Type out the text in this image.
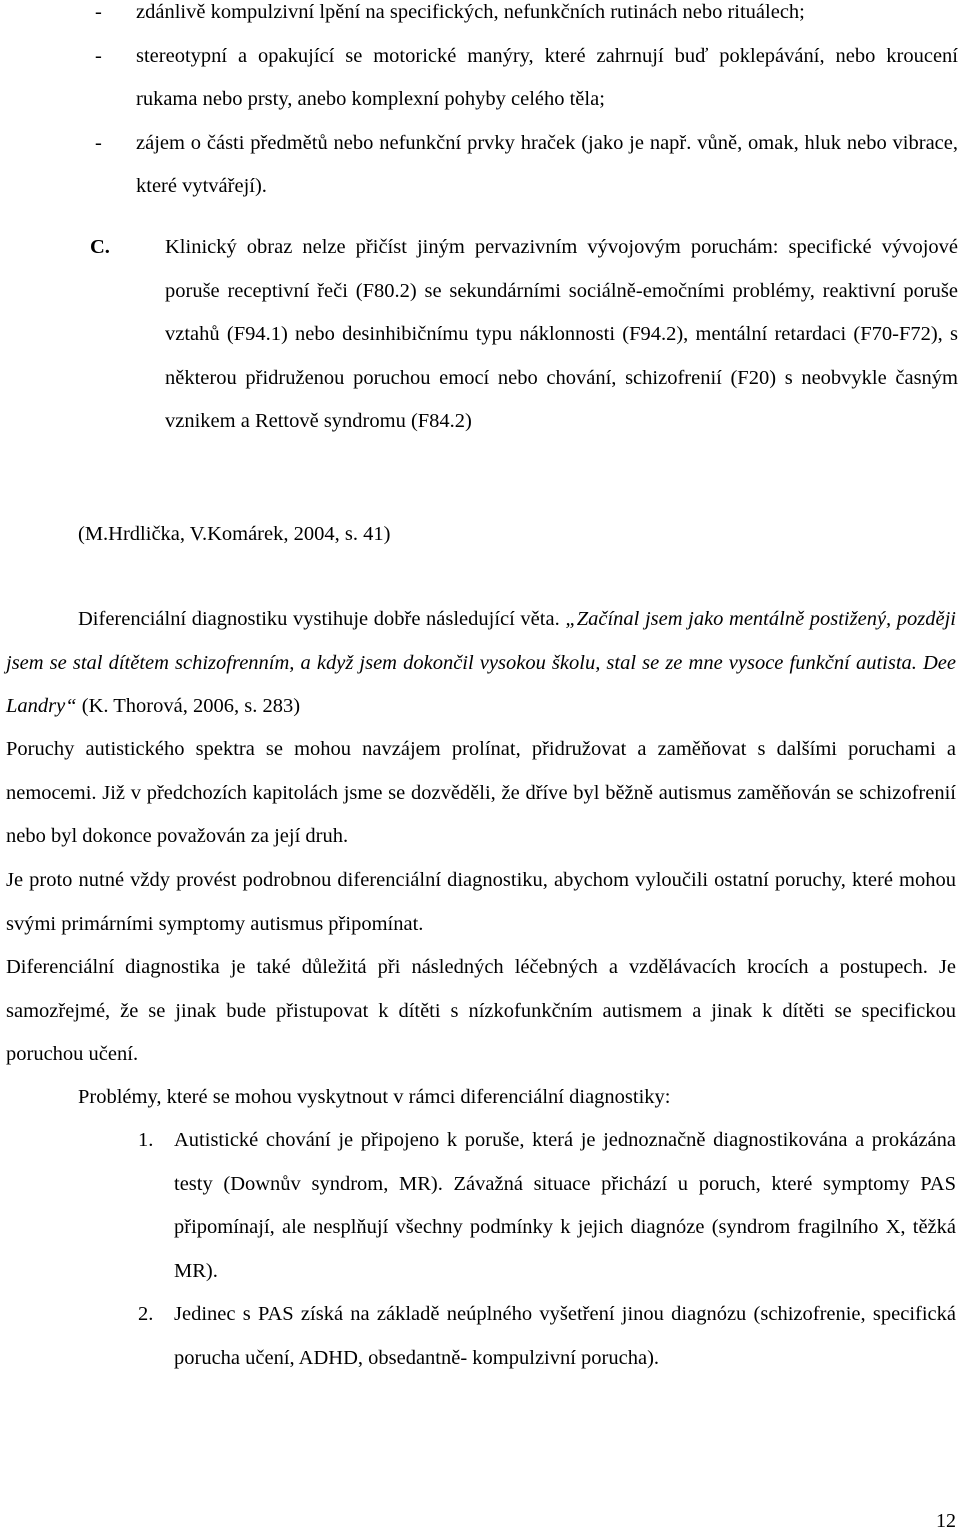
- zdánlivě kompulzivní lpění na specifických, nefunkčních rutinách nebo rituálech;

- stereotypní a opakující se motorické manýry, které zahrnují buď poklepávání, nebo kroucení rukama nebo prsty, anebo komplexní pohyby celého těla;

- zájem o části předmětů nebo nefunkční prvky hraček (jako je např. vůně, omak, hluk nebo vibrace, které vytvářejí).

C.	Klinický obraz nelze přičíst jiným pervazivním vývojovým poruchám: specifické vývojové poruše receptivní řeči (F80.2) se sekundárními sociálně-emočními problémy, reaktivní poruše vztahů (F94.1) nebo desinhibičnímu typu náklonnosti (F94.2), mentální retardaci (F70-F72), s některou přidruženou poruchou emocí nebo chování, schizofrenií (F20) s neobvykle časným vznikem a Rettově syndromu (F84.2)

(M.Hrdlička, V.Komárek, 2004, s. 41)

Diferenciální diagnostiku vystihuje dobře následující věta. „Začínal jsem jako mentálně postižený, později jsem se stal dítětem schizofrenním, a když jsem dokončil vysokou školu, stal se ze mne vysoce funkční autista. Dee Landry“ (K. Thorová, 2006, s. 283)

Poruchy autistického spektra se mohou navzájem prolínat, přidružovat a zaměňovat s dalšími poruchami a nemocemi. Již v předchozích kapitolách jsme se dozvěděli, že dříve byl běžně autismus zaměňován se schizofrenií nebo byl dokonce považován za její druh.
Je proto nutné vždy provést podrobnou diferenciální diagnostiku, abychom vyloučili ostatní poruchy, které mohou svými primárními symptomy autismus připomínat.
Diferenciální diagnostika je také důležitá při následných léčebných a vzdělávacích krocích a postupech. Je samozřejmé, že se jinak bude přistupovat k dítěti s nízkofunkčním autismem a jinak k dítěti se specifickou poruchou učení.

Problémy, které se mohou vyskytnout v rámci diferenciální diagnostiky:

1. Autistické chování je připojeno k poruše, která je jednoznačně diagnostikována a prokázána testy (Downův syndrom, MR). Závažná situace přichází u poruch, které symptomy PAS připomínají, ale nesplňují všechny podmínky k jejich diagnóze (syndrom fragilního X, těžká MR).

2. Jedinec s PAS získá na základě neúplného vyšetření jinou diagnózu (schizofrenie, specifická porucha učení, ADHD, obsedantně- kompulzivní porucha).

12
